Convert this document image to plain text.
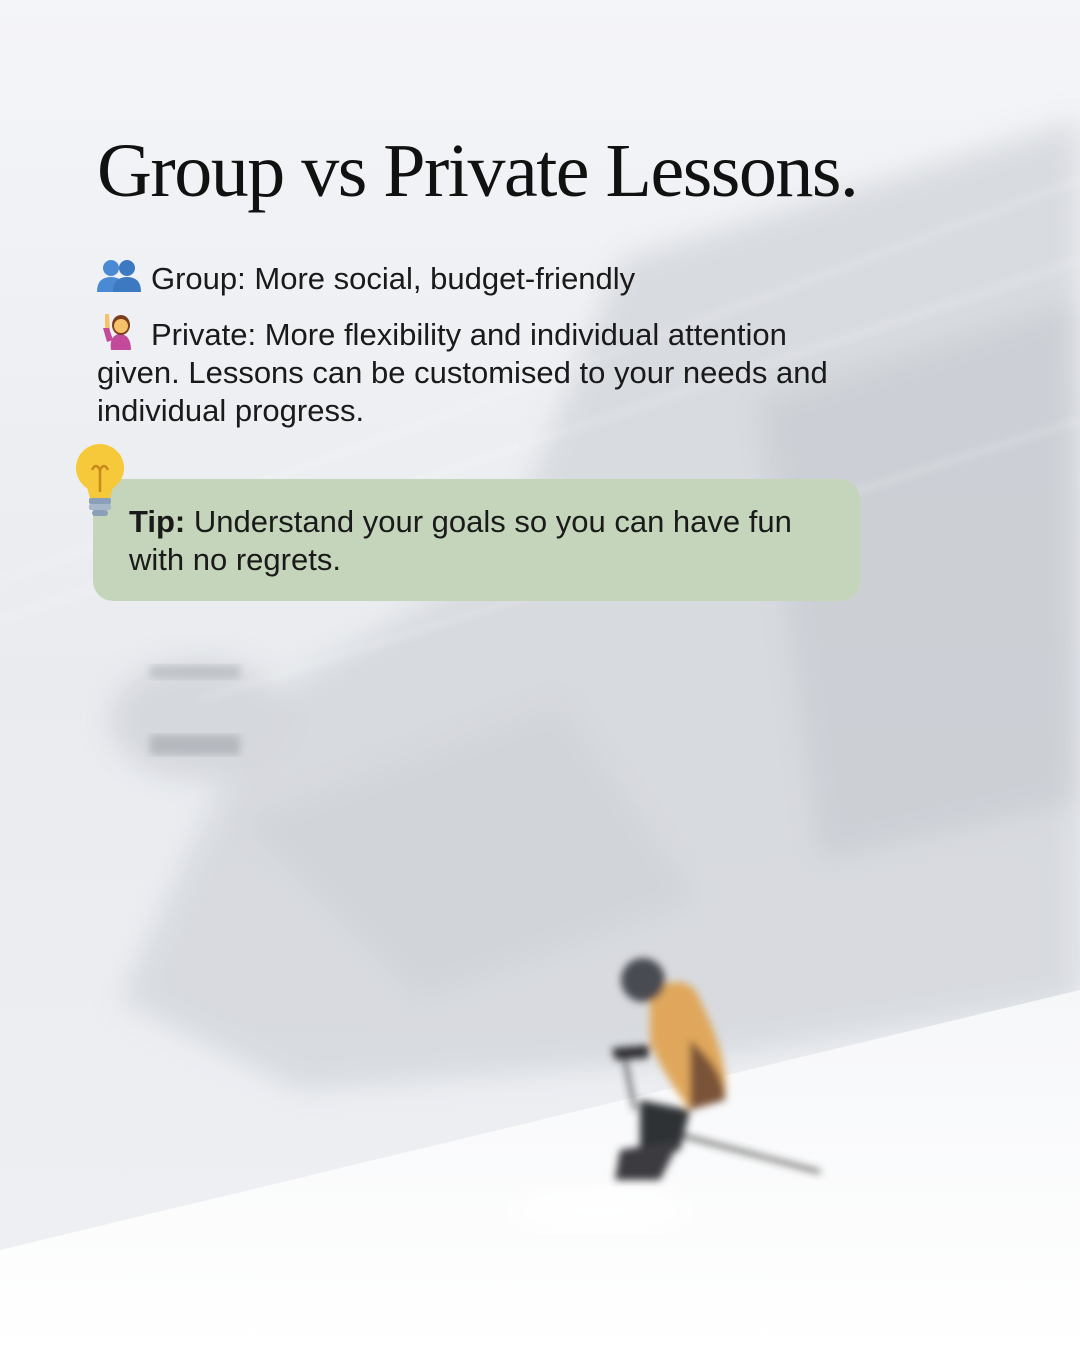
Group vs Private Lessons.
Group: More social, budget-friendly
Private: More flexibility and individual attention given. Lessons can be customised to your needs and individual progress.
Tip: Understand your goals so you can have fun with no regrets.
